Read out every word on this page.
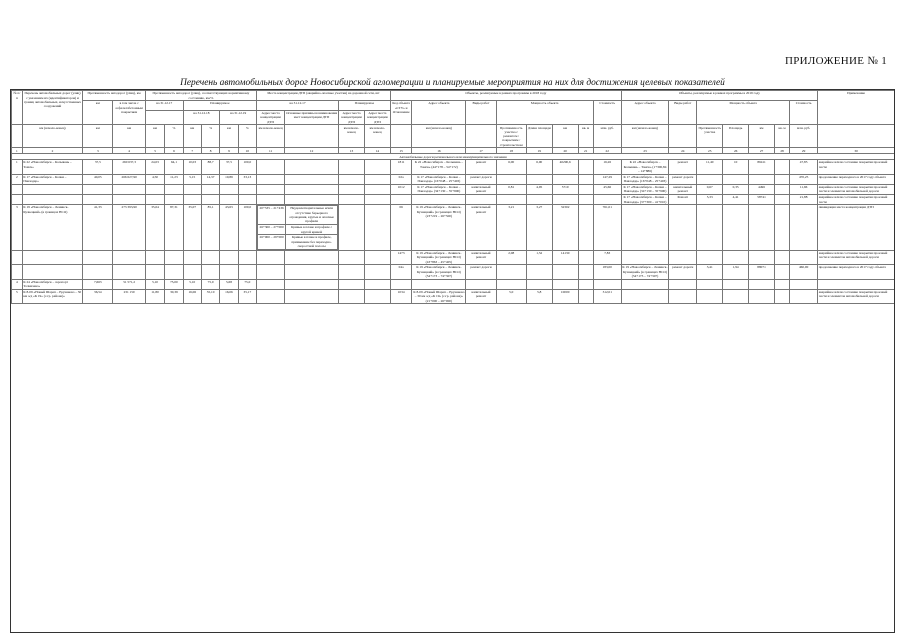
ПРИЛОЖЕНИЕ № 1
Перечень автомобильных дорог Новосибирской агломерации и планируемые мероприятия на них для достижения целевых показателей
№ п/п	Перечень автомобильных дорог (улиц) с указанием их (идентификаторов) и границ автомобильных, искусственных сооружений	Протяженность автодорог (улиц), км	Протяженность автодорог (улиц), соответствующих нормативному состоянию, км/%	Места концентрации ДТП (аварийно-опасные участки) на дорожной сети, шт	Объекты, реализуемые в рамках программы в 2018 году	Объекты, реализуемые в рамках программы в 2019 году	Примечание
км	в том числе с асфальтобетонным покрытием	на 31.12.17	Планируемое	на 31.12.17	Планируемое	Код объекта «СТУ» и Отношение	Адрес объекта	Виды работ	Мощность объекта	Стоимость	Адрес объекта	Виды работ	Мощность объекта	Стоимость
	на 31.12.18	на 31.12.19	Адрес места концентрации ДТП	Основные причины возникновения мест концентрации ДТП	Адрес места концентрации ДТП	Адрес места концентрации ДТП
	км (начало-конец)	км	км	км	%	км	%	км	%	км начало-конец		км начало-конец	км начало-конец		км (начало-конец)		Протяженность участка с ремонтом / покрытием / строительством	Длина площади	км	кв. м	млн. руб.	км (начало-конец)		Протяженность участка	Площадь	км	кв. м	млн. руб.	
1	2	3	4	5	6	7	8	9	10	11	12	13	14	15	16	17	18	19	20	21	22	23	24	25	26	27	28	29	30
Автомобильные дороги регионального или межмуниципального значения
1	К 22 «Новосибирск – Колывань – Томск»	37,5	260 637,3	24,03	64,1	10,03	88,7	37,5	100,0					1811	К 22 «Новосибирск – Колывань – Томск» (44+178 – 54+172)	ремонт	6,00	6,00	40290,6		16,26	К 22 «Новосибирск – Колывань – Томск» (1+300,84 – 14+886)	ремонт	11,40	10	89411		47,85	аварийное и/или состояние покрытия проезжей части
2	К 17 «Новосибирск – Кочки – Павлодар»	40,05	266 627,90	4,50	11,23	5,15	14,37	10,89	33,13					02а	К 17 «Новосибирск – Кочки – Павлодар» (16+048 – 25+403)	ремонт дороги					147,29	К 17 «Новосибирск – Кочки – Павлодар» (16+048 – 25+403)	ремонт дороги					470,25	продолжение переходного в 2017 году объекта
														1012	К 17 «Новосибирск – Кочки – Павлодар» (34+130 – 35+900)	капитальный ремонт	0,81	4,95	5710		45,66	К 17 «Новосибирск – Кочки – Павлодар» (34+130 – 35+900)	капитальный ремонт	0,67	0,35	4496		11,66	аварийное и/или состояние покрытия проезжей части и элементов автомобильной дороги
																						К 17 «Новосибирск – Кочки – Павлодар» (37+300 – 41+010)	Ремонт	5,33	4,41	58741		21,88	аварийное и/или состояние покрытия проезжей части
3	К 19 «Новосибирск – Ленинск-Кузнецкий» (в границах НСО)	41,33	273 393,90	35,04	87,31	35,07	85,1	43,63	100,0	20+535 – 21+436	Неудовлетворительные и/или отсутствие барьерного ограждения, крутые и опасные профили
26+300 – 27+000	Кривые в плане и профиле с крутой кривой
26+000 – 29+000	Кривые в плане и профиле, примыкание без переходно-скоростной полосы
			06	К 19 «Новосибирск – Ленинск-Кузнецкий» (в границах НСО) (23+219 – 26+500)	капитальный ремонт	3,21	3,27	32302		761,01								ликвидация места концентрации ДТП
														1473	К 19 «Новосибирск – Ленинск-Кузнецкий» (в границах НСО) (43+863 – 45+405)	капитальный ремонт	2,08	1,52	14130		7,83								аварийное и/или состояние покрытия проезжей части и элементов автомобильной дороги
														04а	К 19 «Новосибирск – Ленинск-Кузнецкий» (в границах НСО) (54+173 – 74+307)	ремонт дороги					183,00	К 19 «Новосибирск – Ленинск-Кузнецкий» (в границах НСО) (54+173 – 74+307)	ремонт дороги	3,41	1,94	88071		460,00	продолжение переходного в 2017 году объекта
4	К 24 «Новосибирск – аэропорт Толмачево»	7,663	51 571,2	5,10	75,00	5,10	75,0	5,68	75,0																				
5	К 8-09 «Новый Шарап – Ерунаково – 30 км а/д «К 19» (с.гр. района)»	36,54	231 150	11,80	30,39	16,06	35,10	16,06	35,17					1034	К 8-09 «Новый Шарап – Ерунаково – 30 км а/д «К 19» (с.гр. района)» (21+000 – 26+000)	капитальный ремонт	5,0	5,8	10000		312,01								аварийное и/или состояние покрытия проезжей части и элементов автомобильной дороги
